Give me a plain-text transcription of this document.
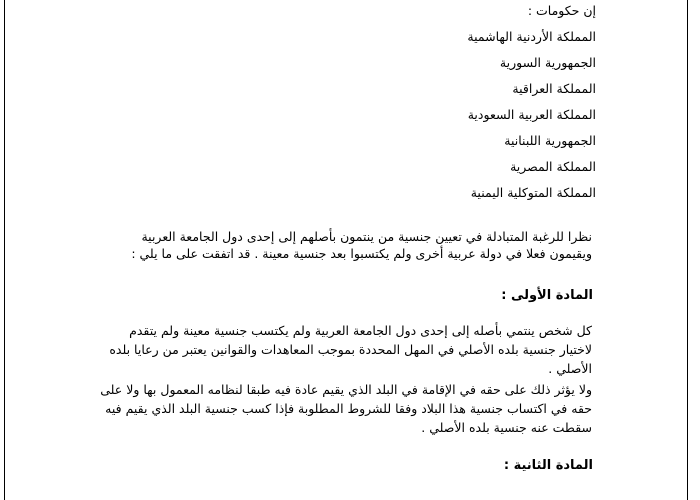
إن حكومات :
المملكة الأردنية الهاشمية
الجمهورية السورية
المملكة العراقية
المملكة العربية السعودية
الجمهورية اللبنانية
المملكة المصرية
المملكة المتوكلية اليمنية
نظرا للرغبة المتبادلة في تعيين جنسية من ينتمون بأصلهم إلى إحدى دول الجامعة العربية
ويقيمون فعلا في دولة عربية أخرى ولم يكتسبوا بعد جنسية معينة . قد اتفقت على ما يلي :
المادة الأولى :
كل شخص ينتمي بأصله إلى إحدى دول الجامعة العربية ولم يكتسب جنسية معينة ولم يتقدم
لاختيار جنسية بلده الأصلي في المهل المحددة بموجب المعاهدات والقوانين يعتبر من رعايا بلده
الأصلي .
ولا يؤثر ذلك على حقه في الإقامة في البلد الذي يقيم عادة فيه طبقا لنظامه المعمول بها ولا على
حقه في اكتساب جنسية هذا البلاد وفقا للشروط المطلوبة فإذا كسب جنسية البلد الذي يقيم فيه
سقطت عنه جنسية بلده الأصلي .
المادة الثانية :
